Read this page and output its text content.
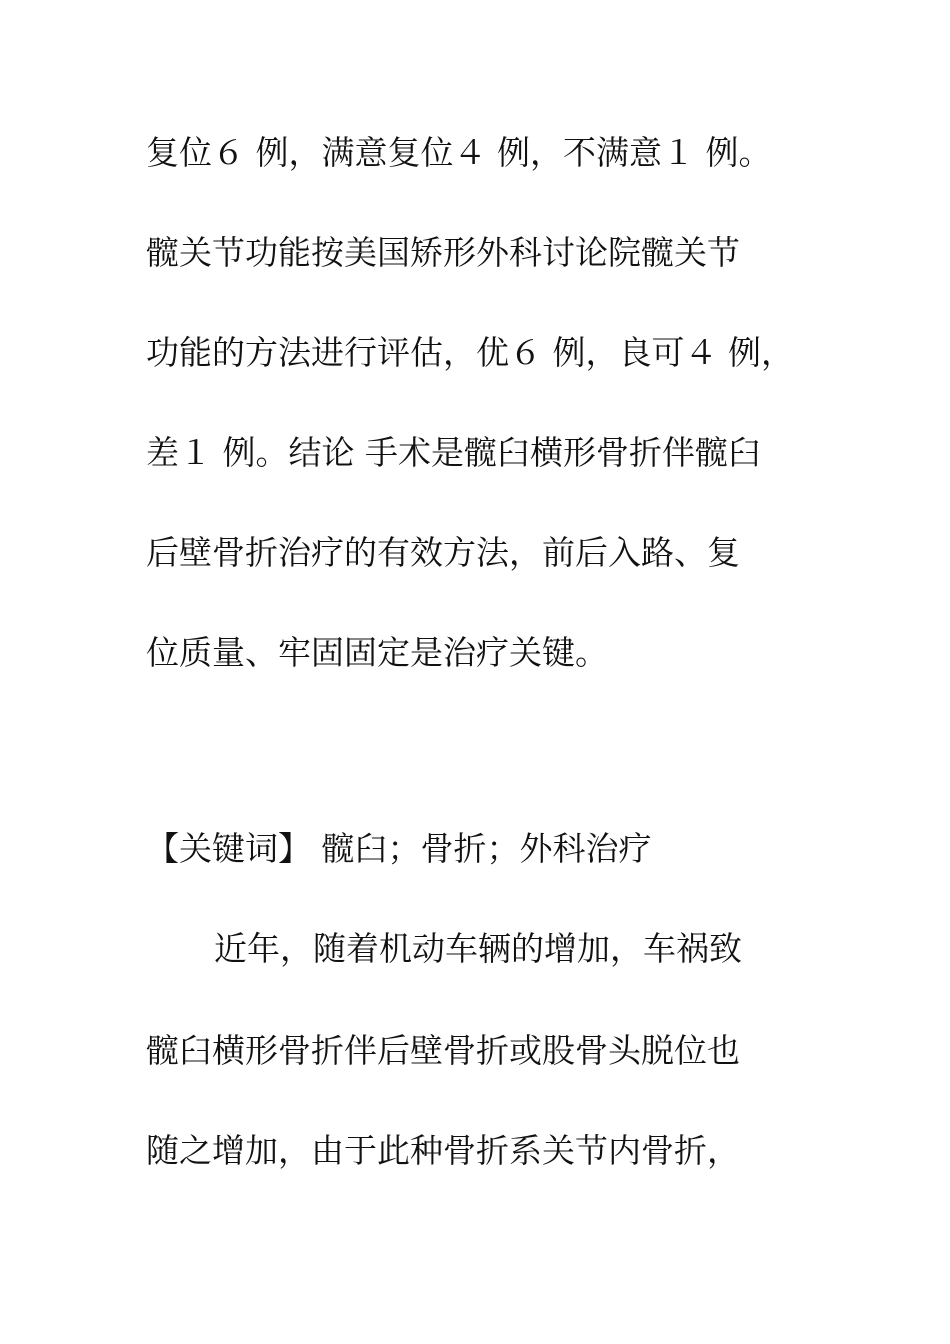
复位６ 例，满意复位４ 例，不满意１ 例。
髋关节功能按美国矫形外科讨论院髋关节
功能的方法进行评估，优６ 例，良可４ 例，
差１ 例。结论 手术是髋臼横形骨折伴髋臼
后壁骨折治疗的有效方法，前后入路、复
位质量、牢固固定是治疗关键。
【关键词】 髋臼；骨折；外科治疗
近年，随着机动车辆的增加，车祸致
髋臼横形骨折伴后壁骨折或股骨头脱位也
随之增加，由于此种骨折系关节内骨折，
